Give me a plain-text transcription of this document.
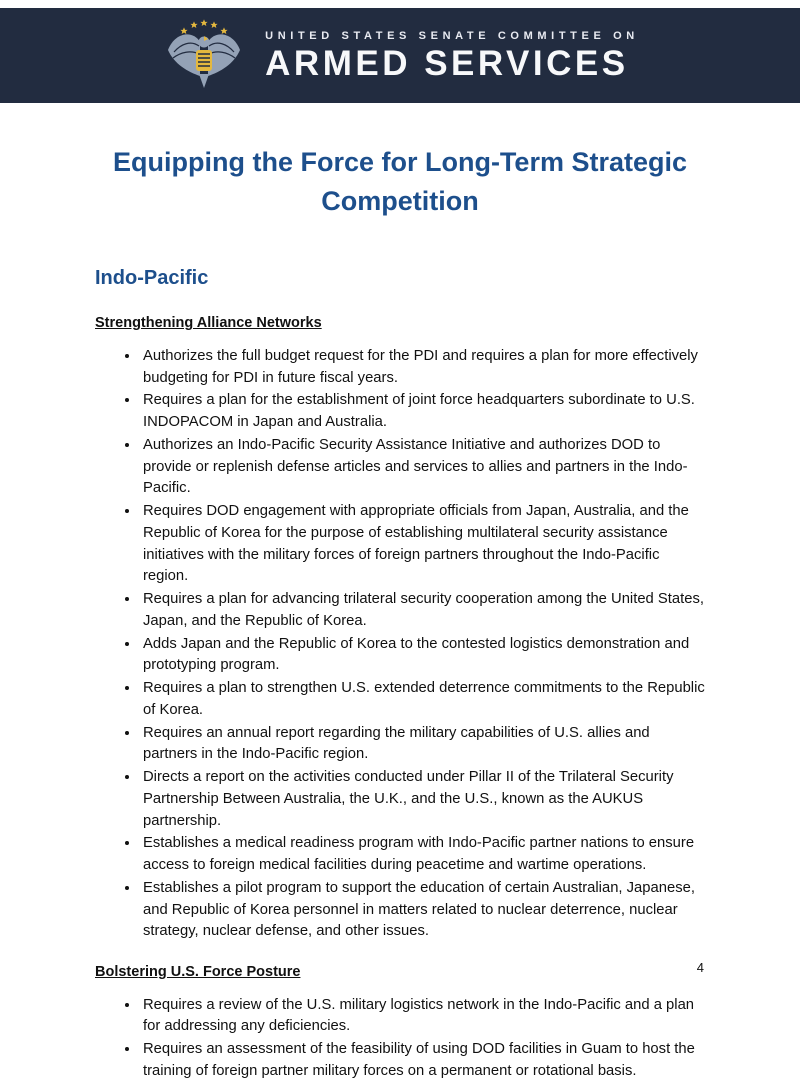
UNITED STATES SENATE COMMITTEE ON
ARMED SERVICES
Equipping the Force for Long-Term Strategic Competition
Indo-Pacific
Strengthening Alliance Networks
• Authorizes the full budget request for the PDI and requires a plan for more effectively budgeting for PDI in future fiscal years.
• Requires a plan for the establishment of joint force headquarters subordinate to U.S. INDOPACOM in Japan and Australia.
• Authorizes an Indo-Pacific Security Assistance Initiative and authorizes DOD to provide or replenish defense articles and services to allies and partners in the Indo-Pacific.
• Requires DOD engagement with appropriate officials from Japan, Australia, and the Republic of Korea for the purpose of establishing multilateral security assistance initiatives with the military forces of foreign partners throughout the Indo-Pacific region.
• Requires a plan for advancing trilateral security cooperation among the United States, Japan, and the Republic of Korea.
• Adds Japan and the Republic of Korea to the contested logistics demonstration and prototyping program.
• Requires a plan to strengthen U.S. extended deterrence commitments to the Republic of Korea.
• Requires an annual report regarding the military capabilities of U.S. allies and partners in the Indo-Pacific region.
• Directs a report on the activities conducted under Pillar II of the Trilateral Security Partnership Between Australia, the U.K., and the U.S., known as the AUKUS partnership.
• Establishes a medical readiness program with Indo-Pacific partner nations to ensure access to foreign medical facilities during peacetime and wartime operations.
• Establishes a pilot program to support the education of certain Australian, Japanese, and Republic of Korea personnel in matters related to nuclear deterrence, nuclear strategy, nuclear defense, and other issues.
Bolstering U.S. Force Posture
• Requires a review of the U.S. military logistics network in the Indo-Pacific and a plan for addressing any deficiencies.
• Requires an assessment of the feasibility of using DOD facilities in Guam to host the training of foreign partner military forces on a permanent or rotational basis.
4
